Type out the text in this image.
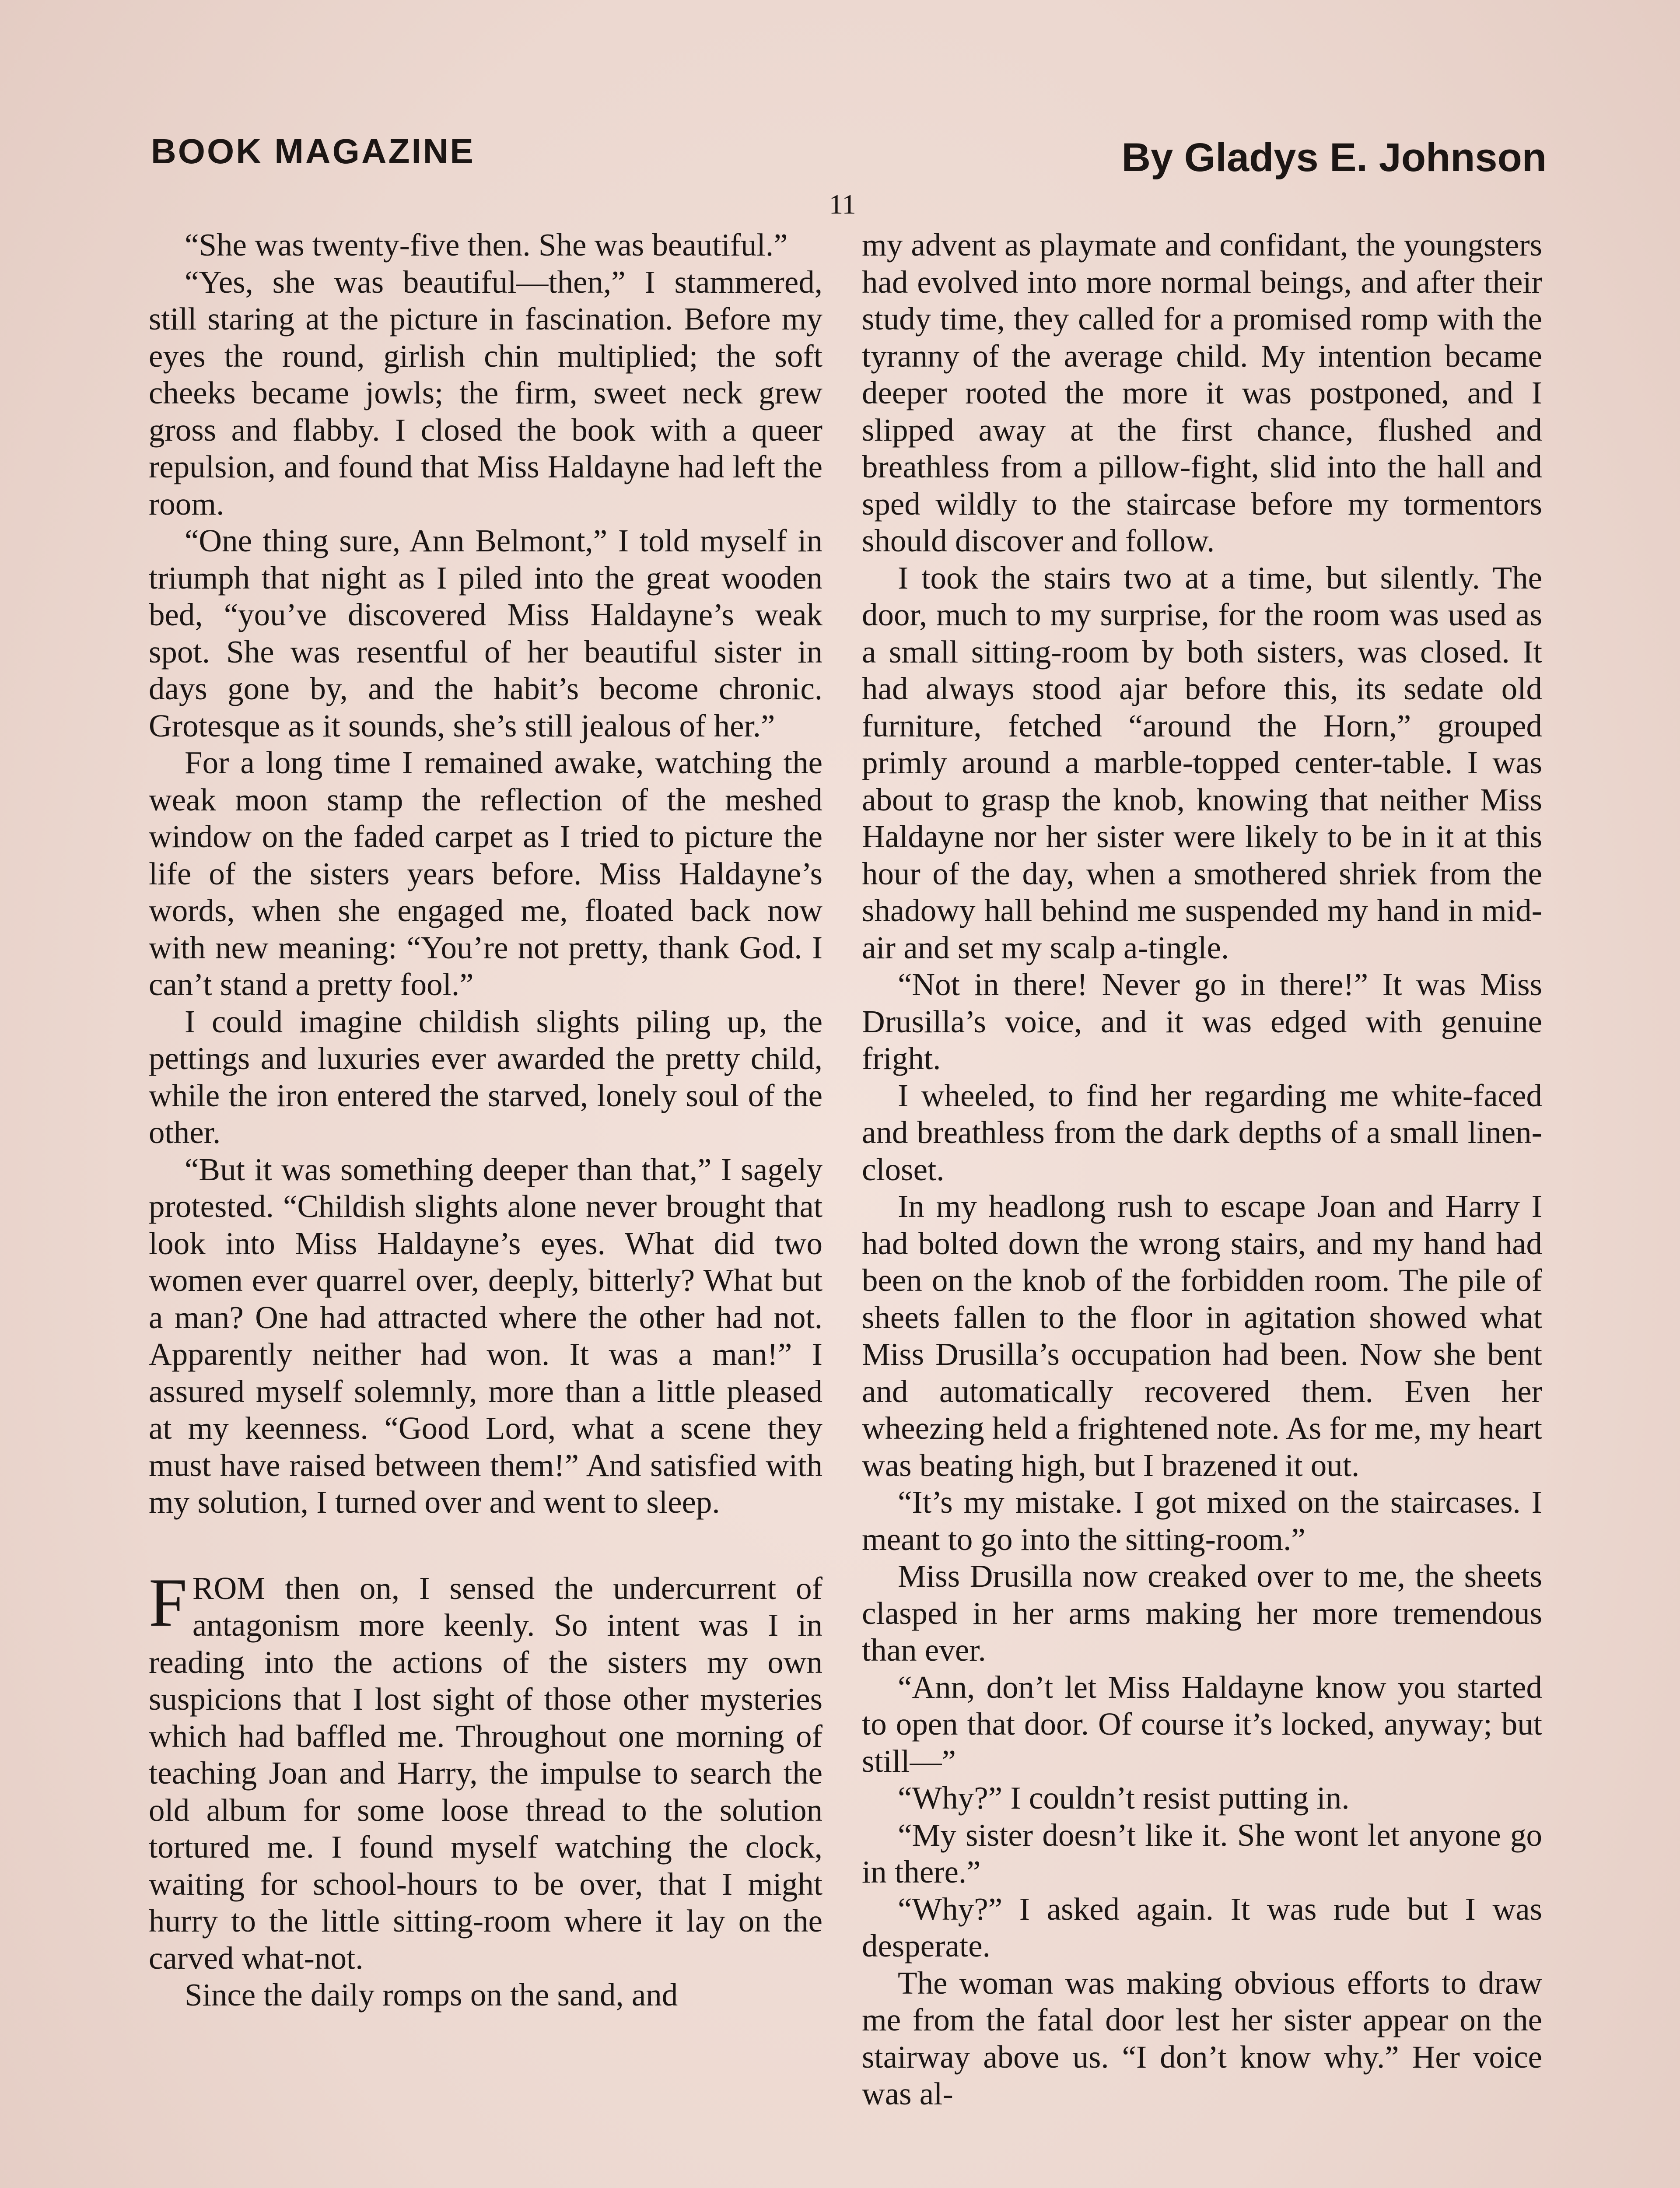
BOOK MAGAZINE	By Gladys E. Johnson
11

“She was twenty-five then. She was beautiful.”

“Yes, she was beautiful—then,” I stammered, still staring at the picture in fascination. Before my eyes the round, girlish chin multiplied; the soft cheeks became jowls; the firm, sweet neck grew gross and flabby. I closed the book with a queer repulsion, and found that Miss Haldayne had left the room.

“One thing sure, Ann Belmont,” I told myself in triumph that night as I piled into the great wooden bed, “you’ve discovered Miss Haldayne’s weak spot. She was resentful of her beautiful sister in days gone by, and the habit’s become chronic. Grotesque as it sounds, she’s still jealous of her.”

For a long time I remained awake, watching the weak moon stamp the reflection of the meshed window on the faded carpet as I tried to picture the life of the sisters years before. Miss Haldayne’s words, when she engaged me, floated back now with new meaning: “You’re not pretty, thank God. I can’t stand a pretty fool.”

I could imagine childish slights piling up, the pettings and luxuries ever awarded the pretty child, while the iron entered the starved, lonely soul of the other.

“But it was something deeper than that,” I sagely protested. “Childish slights alone never brought that look into Miss Haldayne’s eyes. What did two women ever quarrel over, deeply, bitterly? What but a man? One had attracted where the other had not. Apparently neither had won. It was a man!” I assured myself solemnly, more than a little pleased at my keenness. “Good Lord, what a scene they must have raised between them!” And satisfied with my solution, I turned over and went to sleep.

FROM then on, I sensed the undercurrent of antagonism more keenly. So intent was I in reading into the actions of the sisters my own suspicions that I lost sight of those other mysteries which had baffled me. Throughout one morning of teaching Joan and Harry, the impulse to search the old album for some loose thread to the solution tortured me. I found myself watching the clock, waiting for school-hours to be over, that I might hurry to the little sitting-room where it lay on the carved what-not.

Since the daily romps on the sand, and

my advent as playmate and confidant, the youngsters had evolved into more normal beings, and after their study time, they called for a promised romp with the tyranny of the average child. My intention became deeper rooted the more it was postponed, and I slipped away at the first chance, flushed and breathless from a pillow-fight, slid into the hall and sped wildly to the staircase before my tormentors should discover and follow.

I took the stairs two at a time, but silently. The door, much to my surprise, for the room was used as a small sitting-room by both sisters, was closed. It had always stood ajar before this, its sedate old furniture, fetched “around the Horn,” grouped primly around a marble-topped center-table. I was about to grasp the knob, knowing that neither Miss Haldayne nor her sister were likely to be in it at this hour of the day, when a smothered shriek from the shadowy hall behind me suspended my hand in mid-air and set my scalp a-tingle.

“Not in there! Never go in there!” It was Miss Drusilla’s voice, and it was edged with genuine fright.

I wheeled, to find her regarding me white-faced and breathless from the dark depths of a small linen-closet.

In my headlong rush to escape Joan and Harry I had bolted down the wrong stairs, and my hand had been on the knob of the forbidden room. The pile of sheets fallen to the floor in agitation showed what Miss Drusilla’s occupation had been. Now she bent and automatically recovered them. Even her wheezing held a frightened note. As for me, my heart was beating high, but I brazened it out.

“It’s my mistake. I got mixed on the staircases. I meant to go into the sitting-room.”

Miss Drusilla now creaked over to me, the sheets clasped in her arms making her more tremendous than ever.

“Ann, don’t let Miss Haldayne know you started to open that door. Of course it’s locked, anyway; but still—”

“Why?” I couldn’t resist putting in.

“My sister doesn’t like it. She wont let anyone go in there.”

“Why?” I asked again. It was rude but I was desperate.

The woman was making obvious efforts to draw me from the fatal door lest her sister appear on the stairway above us. “I don’t know why.” Her voice was al-
